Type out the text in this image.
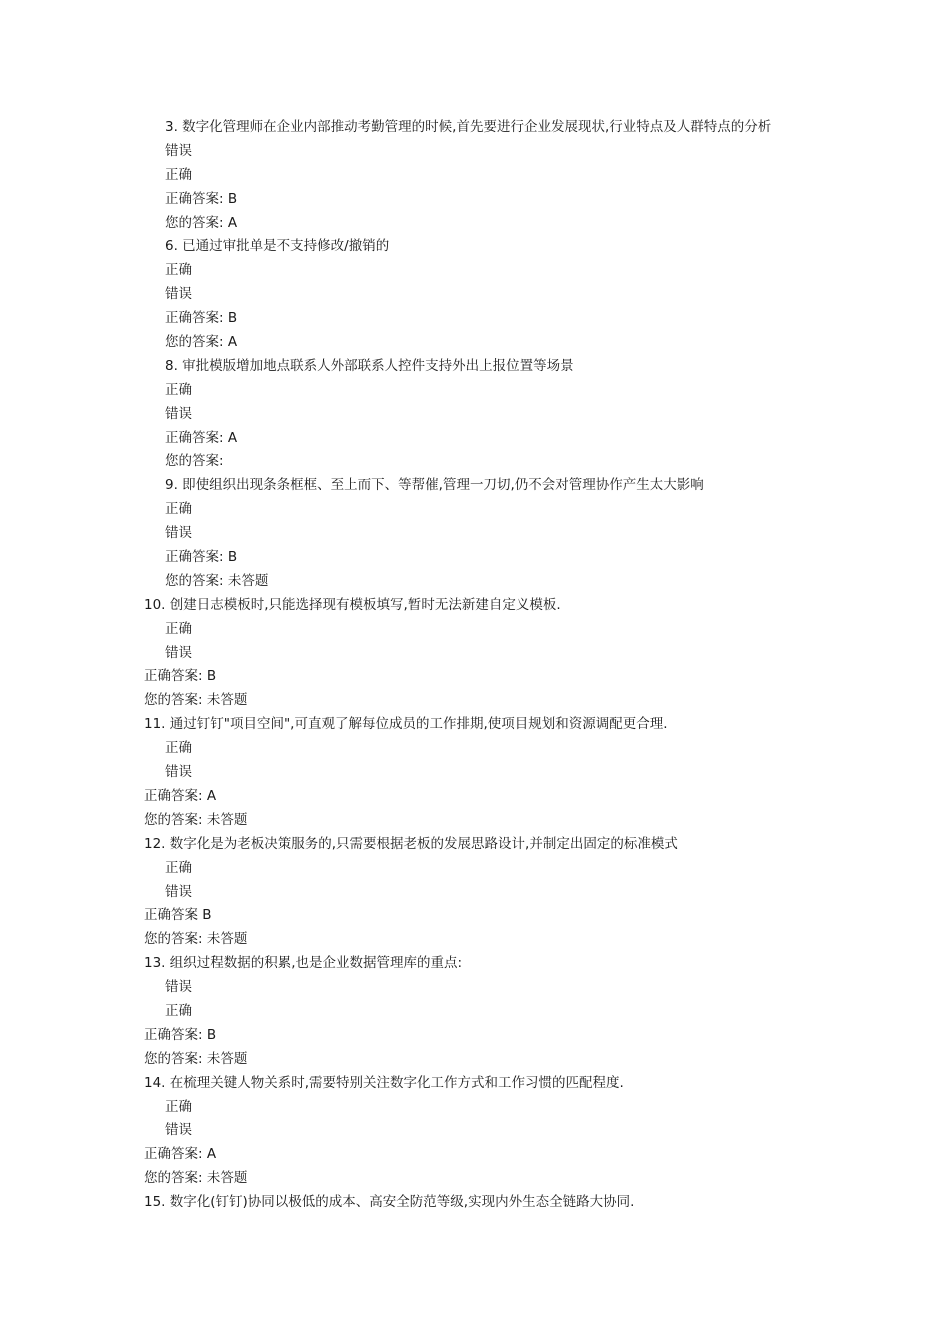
3. 数字化管理师在企业内部推动考勤管理的时候,首先要进行企业发展现状,行业特点及人群特点的分析
错误
正确
正确答案: B
您的答案: A
6. 已通过审批单是不支持修改/撤销的
正确
错误
正确答案: B
您的答案: A
8. 审批模版增加地点联系人外部联系人控件支持外出上报位置等场景
正确
错误
正确答案: A
您的答案:
9. 即使组织出现条条框框、至上而下、等帮催,管理一刀切,仍不会对管理协作产生太大影响
正确
错误
正确答案: B
您的答案: 未答题
10. 创建日志模板时,只能选择现有模板填写,暂时无法新建自定义模板.
正确
错误
正确答案: B
您的答案: 未答题
11. 通过钉钉"项目空间",可直观了解每位成员的工作排期,使项目规划和资源调配更合理.
正确
错误
正确答案: A
您的答案: 未答题
12. 数字化是为老板决策服务的,只需要根据老板的发展思路设计,并制定出固定的标准模式
正确
错误
正确答案 B
您的答案: 未答题
13. 组织过程数据的积累,也是企业数据管理库的重点:
错误
正确
正确答案: B
您的答案: 未答题
14. 在梳理关键人物关系时,需要特别关注数字化工作方式和工作习惯的匹配程度.
正确
错误
正确答案: A
您的答案: 未答题
15. 数字化(钉钉)协同以极低的成本、高安全防范等级,实现内外生态全链路大协同.
